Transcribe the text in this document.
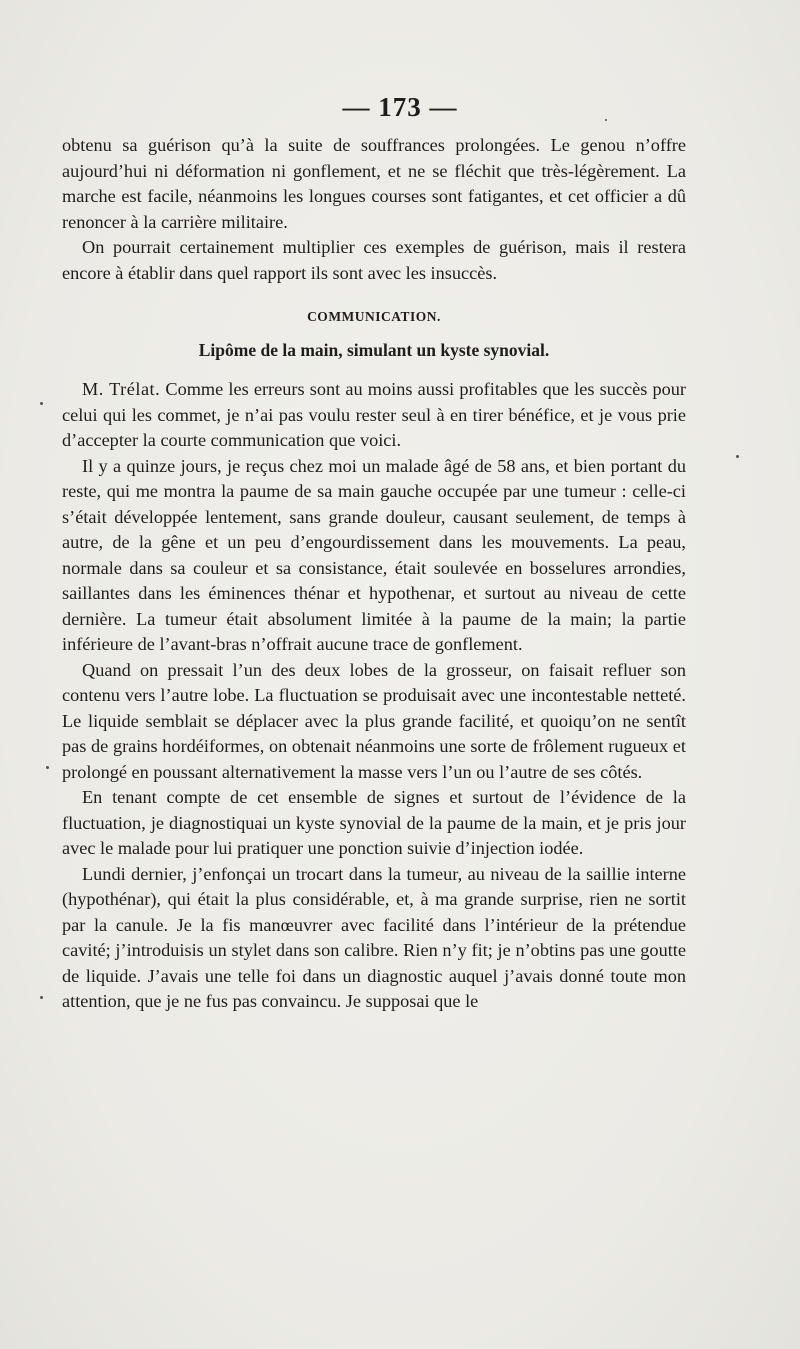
— 173 —

obtenu sa guérison qu’à la suite de souffrances prolongées. Le genou n’offre aujourd’hui ni déformation ni gonflement, et ne se fléchit que très-légèrement. La marche est facile, néanmoins les longues courses sont fatigantes, et cet officier a dû renoncer à la carrière militaire.

On pourrait certainement multiplier ces exemples de guérison, mais il restera encore à établir dans quel rapport ils sont avec les insuccès.

COMMUNICATION.
Lipôme de la main, simulant un kyste synovial.

M. Trélat. Comme les erreurs sont au moins aussi profitables que les succès pour celui qui les commet, je n’ai pas voulu rester seul à en tirer bénéfice, et je vous prie d’accepter la courte communication que voici.

Il y a quinze jours, je reçus chez moi un malade âgé de 58 ans, et bien portant du reste, qui me montra la paume de sa main gauche occupée par une tumeur : celle-ci s’était développée lentement, sans grande douleur, causant seulement, de temps à autre, de la gêne et un peu d’engourdissement dans les mouvements. La peau, normale dans sa couleur et sa consistance, était soulevée en bosselures arrondies, saillantes dans les éminences thénar et hypothenar, et surtout au niveau de cette dernière. La tumeur était absolument limitée à la paume de la main; la partie inférieure de l’avant-bras n’offrait aucune trace de gonflement.

Quand on pressait l’un des deux lobes de la grosseur, on faisait refluer son contenu vers l’autre lobe. La fluctuation se produisait avec une incontestable netteté. Le liquide semblait se déplacer avec la plus grande facilité, et quoiqu’on ne sentît pas de grains hordéiformes, on obtenait néanmoins une sorte de frôlement rugueux et prolongé en poussant alternativement la masse vers l’un ou l’autre de ses côtés.

En tenant compte de cet ensemble de signes et surtout de l’évidence de la fluctuation, je diagnostiquai un kyste synovial de la paume de la main, et je pris jour avec le malade pour lui pratiquer une ponction suivie d’injection iodée.

Lundi dernier, j’enfonçai un trocart dans la tumeur, au niveau de la saillie interne (hypothénar), qui était la plus considérable, et, à ma grande surprise, rien ne sortit par la canule. Je la fis manœuvrer avec facilité dans l’intérieur de la prétendue cavité; j’introduisis un stylet dans son calibre. Rien n’y fit; je n’obtins pas une goutte de liquide. J’avais une telle foi dans un diagnostic auquel j’avais donné toute mon attention, que je ne fus pas convaincu. Je supposai que le
